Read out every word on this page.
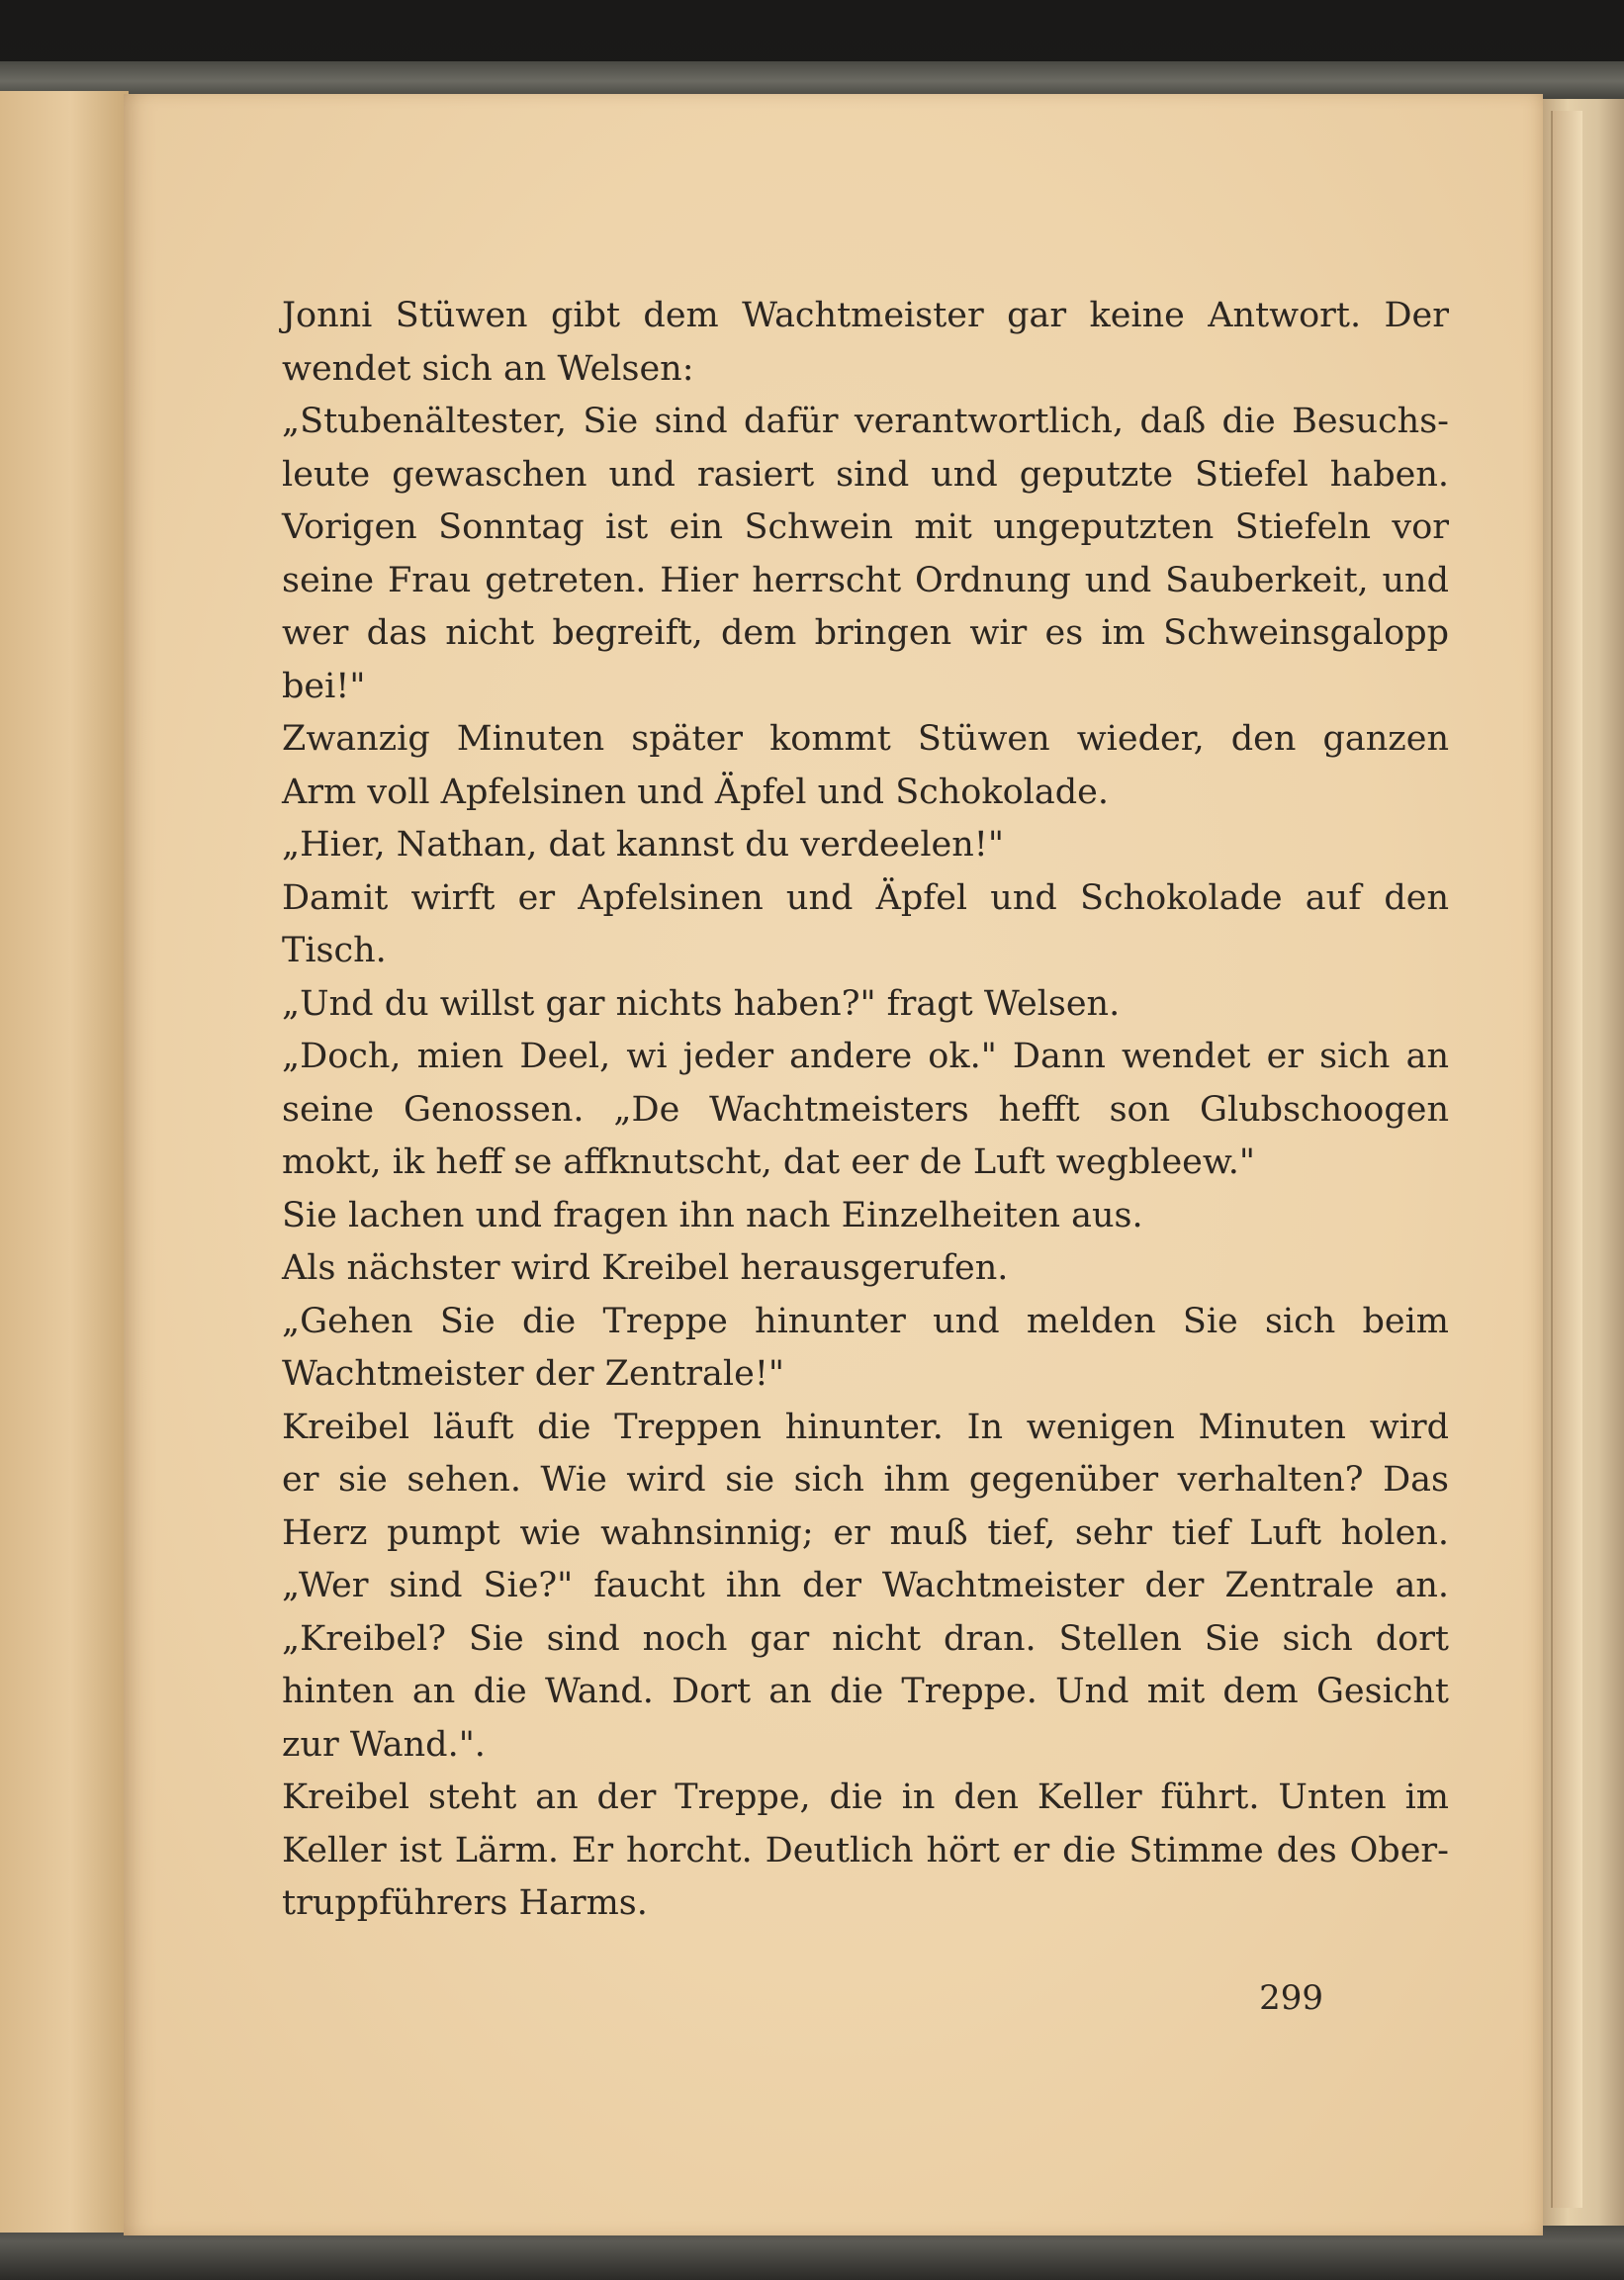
Jonni Stüwen gibt dem Wachtmeister gar keine Antwort. Der
wendet sich an Welsen:
„Stubenältester, Sie sind dafür verantwortlich, daß die Besuchs-
leute gewaschen und rasiert sind und geputzte Stiefel haben.
Vorigen Sonntag ist ein Schwein mit ungeputzten Stiefeln vor
seine Frau getreten. Hier herrscht Ordnung und Sauberkeit, und
wer das nicht begreift, dem bringen wir es im Schweinsgalopp
bei!"
Zwanzig Minuten später kommt Stüwen wieder, den ganzen
Arm voll Apfelsinen und Äpfel und Schokolade.
„Hier, Nathan, dat kannst du verdeelen!"
Damit wirft er Apfelsinen und Äpfel und Schokolade auf den
Tisch.
„Und du willst gar nichts haben?" fragt Welsen.
„Doch, mien Deel, wi jeder andere ok." Dann wendet er sich an
seine Genossen. „De Wachtmeisters hefft son Glubschoogen
mokt, ik heff se affknutscht, dat eer de Luft wegbleew."
Sie lachen und fragen ihn nach Einzelheiten aus.
Als nächster wird Kreibel herausgerufen.
„Gehen Sie die Treppe hinunter und melden Sie sich beim
Wachtmeister der Zentrale!"
Kreibel läuft die Treppen hinunter. In wenigen Minuten wird
er sie sehen. Wie wird sie sich ihm gegenüber verhalten? Das
Herz pumpt wie wahnsinnig; er muß tief, sehr tief Luft holen.
„Wer sind Sie?" faucht ihn der Wachtmeister der Zentrale an.
„Kreibel? Sie sind noch gar nicht dran. Stellen Sie sich dort
hinten an die Wand. Dort an die Treppe. Und mit dem Gesicht
zur Wand.".
Kreibel steht an der Treppe, die in den Keller führt. Unten im
Keller ist Lärm. Er horcht. Deutlich hört er die Stimme des Ober-
truppführers Harms.
299
